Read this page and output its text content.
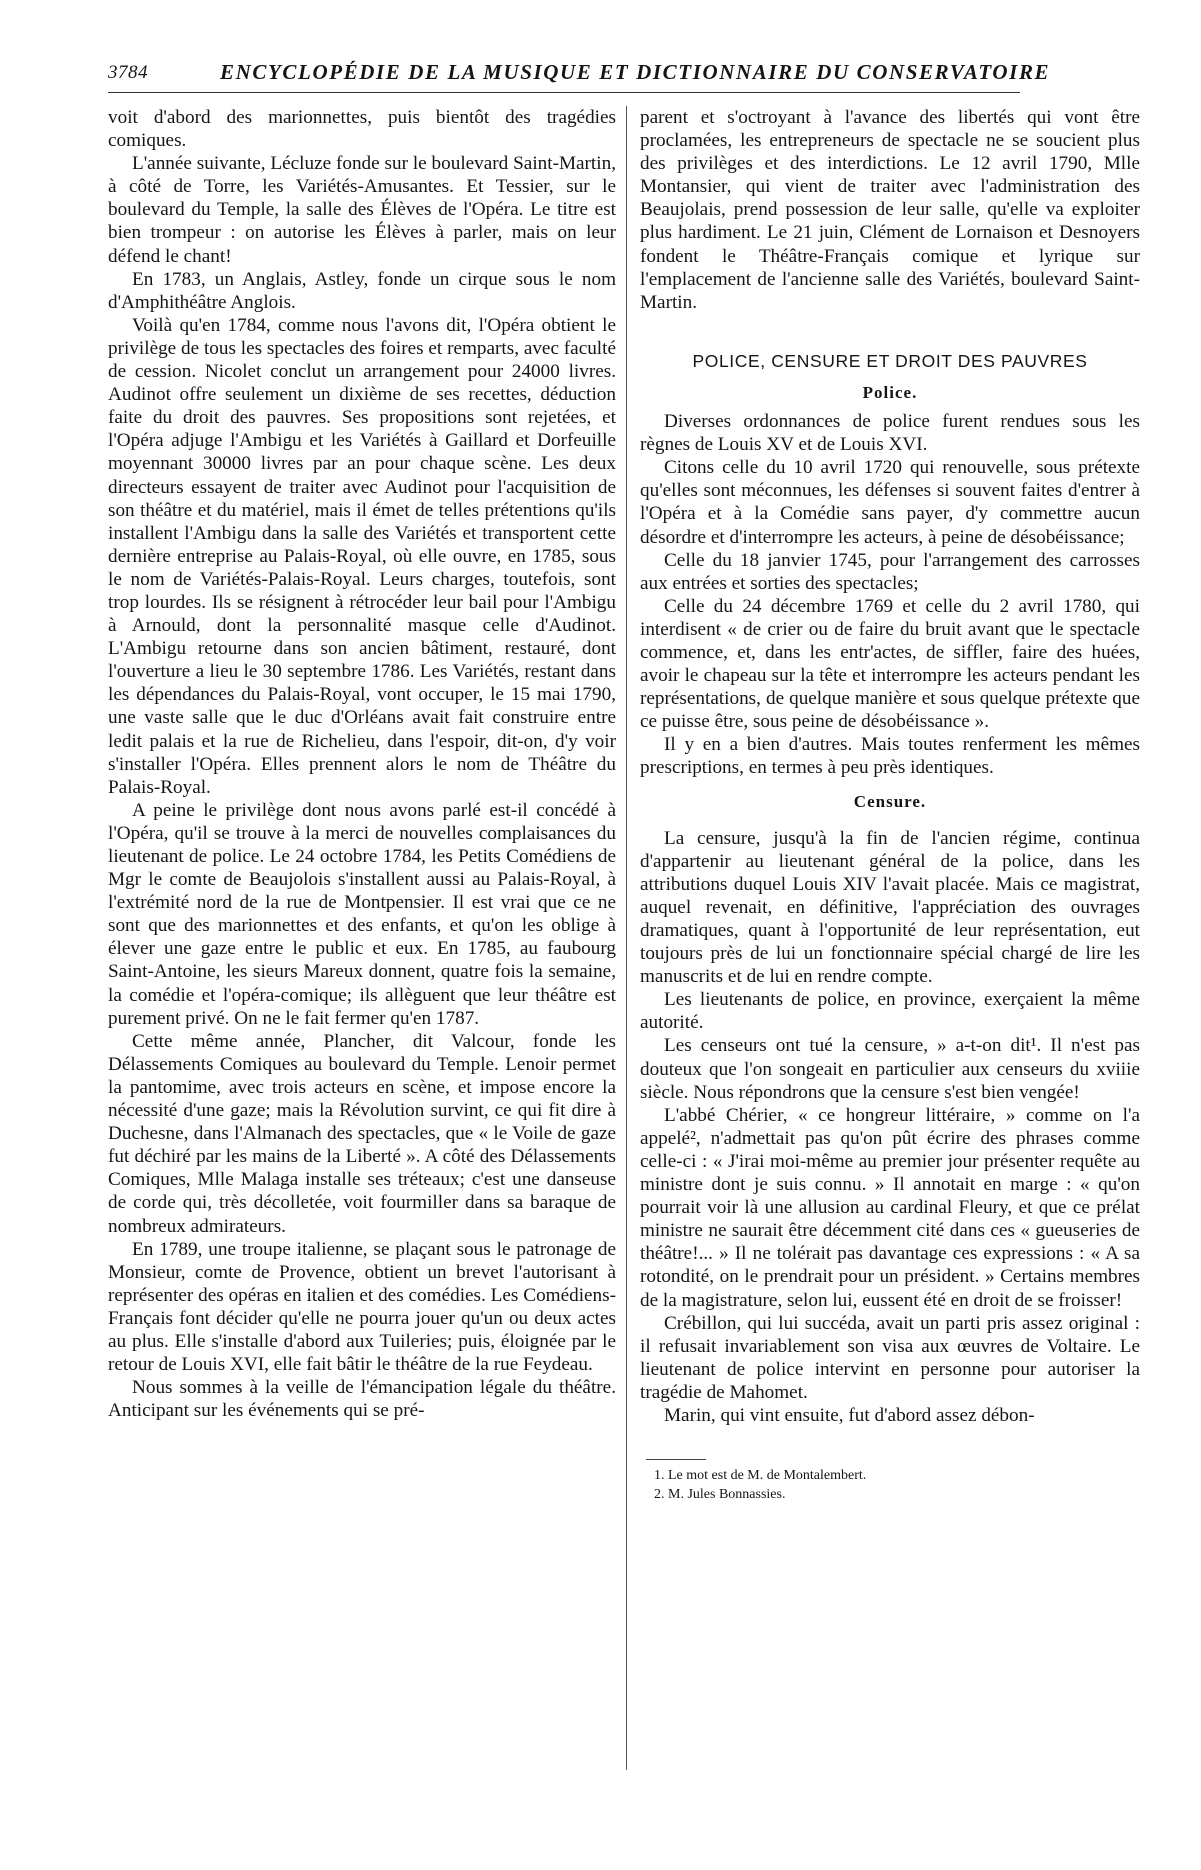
3784	ENCYCLOPÉDIE DE LA MUSIQUE ET DICTIONNAIRE DU CONSERVATOIRE

voit d'abord des marionnettes, puis bientôt des tragédies comiques.

L'année suivante, Lécluze fonde sur le boulevard Saint-Martin, à côté de Torre, les Variétés-Amusantes. Et Tessier, sur le boulevard du Temple, la salle des Élèves de l'Opéra. Le titre est bien trompeur : on autorise les Élèves à parler, mais on leur défend le chant!

En 1783, un Anglais, Astley, fonde un cirque sous le nom d'Amphithéâtre Anglois.

Voilà qu'en 1784, comme nous l'avons dit, l'Opéra obtient le privilège de tous les spectacles des foires et remparts, avec faculté de cession. Nicolet conclut un arrangement pour 24000 livres. Audinot offre seulement un dixième de ses recettes, déduction faite du droit des pauvres. Ses propositions sont rejetées, et l'Opéra adjuge l'Ambigu et les Variétés à Gaillard et Dorfeuille moyennant 30000 livres par an pour chaque scène. Les deux directeurs essayent de traiter avec Audinot pour l'acquisition de son théâtre et du matériel, mais il émet de telles prétentions qu'ils installent l'Ambigu dans la salle des Variétés et transportent cette dernière entreprise au Palais-Royal, où elle ouvre, en 1785, sous le nom de Variétés-Palais-Royal. Leurs charges, toutefois, sont trop lourdes. Ils se résignent à rétrocéder leur bail pour l'Ambigu à Arnould, dont la personnalité masque celle d'Audinot. L'Ambigu retourne dans son ancien bâtiment, restauré, dont l'ouverture a lieu le 30 septembre 1786. Les Variétés, restant dans les dépendances du Palais-Royal, vont occuper, le 15 mai 1790, une vaste salle que le duc d'Orléans avait fait construire entre ledit palais et la rue de Richelieu, dans l'espoir, dit-on, d'y voir s'installer l'Opéra. Elles prennent alors le nom de Théâtre du Palais-Royal.

A peine le privilège dont nous avons parlé est-il concédé à l'Opéra, qu'il se trouve à la merci de nouvelles complaisances du lieutenant de police. Le 24 octobre 1784, les Petits Comédiens de Mgr le comte de Beaujolois s'installent aussi au Palais-Royal, à l'extrémité nord de la rue de Montpensier. Il est vrai que ce ne sont que des marionnettes et des enfants, et qu'on les oblige à élever une gaze entre le public et eux. En 1785, au faubourg Saint-Antoine, les sieurs Mareux donnent, quatre fois la semaine, la comédie et l'opéra-comique; ils allèguent que leur théâtre est purement privé. On ne le fait fermer qu'en 1787.

Cette même année, Plancher, dit Valcour, fonde les Délassements Comiques au boulevard du Temple. Lenoir permet la pantomime, avec trois acteurs en scène, et impose encore la nécessité d'une gaze; mais la Révolution survint, ce qui fit dire à Duchesne, dans l'Almanach des spectacles, que « le Voile de gaze fut déchiré par les mains de la Liberté ». A côté des Délassements Comiques, Mlle Malaga installe ses tréteaux; c'est une danseuse de corde qui, très décolletée, voit fourmiller dans sa baraque de nombreux admirateurs.

En 1789, une troupe italienne, se plaçant sous le patronage de Monsieur, comte de Provence, obtient un brevet l'autorisant à représenter des opéras en italien et des comédies. Les Comédiens-Français font décider qu'elle ne pourra jouer qu'un ou deux actes au plus. Elle s'installe d'abord aux Tuileries; puis, éloignée par le retour de Louis XVI, elle fait bâtir le théâtre de la rue Feydeau.

Nous sommes à la veille de l'émancipation légale du théâtre. Anticipant sur les événements qui se pré-

parent et s'octroyant à l'avance des libertés qui vont être proclamées, les entrepreneurs de spectacle ne se soucient plus des privilèges et des interdictions. Le 12 avril 1790, Mlle Montansier, qui vient de traiter avec l'administration des Beaujolais, prend possession de leur salle, qu'elle va exploiter plus hardiment. Le 21 juin, Clément de Lornaison et Desnoyers fondent le Théâtre-Français comique et lyrique sur l'emplacement de l'ancienne salle des Variétés, boulevard Saint-Martin.

POLICE, CENSURE ET DROIT DES PAUVRES
Police.

Diverses ordonnances de police furent rendues sous les règnes de Louis XV et de Louis XVI.

Citons celle du 10 avril 1720 qui renouvelle, sous prétexte qu'elles sont méconnues, les défenses si souvent faites d'entrer à l'Opéra et à la Comédie sans payer, d'y commettre aucun désordre et d'interrompre les acteurs, à peine de désobéissance;

Celle du 18 janvier 1745, pour l'arrangement des carrosses aux entrées et sorties des spectacles;

Celle du 24 décembre 1769 et celle du 2 avril 1780, qui interdisent « de crier ou de faire du bruit avant que le spectacle commence, et, dans les entr'actes, de siffler, faire des huées, avoir le chapeau sur la tête et interrompre les acteurs pendant les représentations, de quelque manière et sous quelque prétexte que ce puisse être, sous peine de désobéissance ».

Il y en a bien d'autres. Mais toutes renferment les mêmes prescriptions, en termes à peu près identiques.

Censure.

La censure, jusqu'à la fin de l'ancien régime, continua d'appartenir au lieutenant général de la police, dans les attributions duquel Louis XIV l'avait placée. Mais ce magistrat, auquel revenait, en définitive, l'appréciation des ouvrages dramatiques, quant à l'opportunité de leur représentation, eut toujours près de lui un fonctionnaire spécial chargé de lire les manuscrits et de lui en rendre compte.

Les lieutenants de police, en province, exerçaient la même autorité.

Les censeurs ont tué la censure, » a-t-on dit¹. Il n'est pas douteux que l'on songeait en particulier aux censeurs du xviiie siècle. Nous répondrons que la censure s'est bien vengée!

L'abbé Chérier, « ce hongreur littéraire, » comme on l'a appelé², n'admettait pas qu'on pût écrire des phrases comme celle-ci : « J'irai moi-même au premier jour présenter requête au ministre dont je suis connu. » Il annotait en marge : « qu'on pourrait voir là une allusion au cardinal Fleury, et que ce prélat ministre ne saurait être décemment cité dans ces « gueuseries de théâtre!... » Il ne tolérait pas davantage ces expressions : « A sa rotondité, on le prendrait pour un président. » Certains membres de la magistrature, selon lui, eussent été en droit de se froisser!

Crébillon, qui lui succéda, avait un parti pris assez original : il refusait invariablement son visa aux œuvres de Voltaire. Le lieutenant de police intervint en personne pour autoriser la tragédie de Mahomet.

Marin, qui vint ensuite, fut d'abord assez débon-

1. Le mot est de M. de Montalembert.
2. M. Jules Bonnassies.
